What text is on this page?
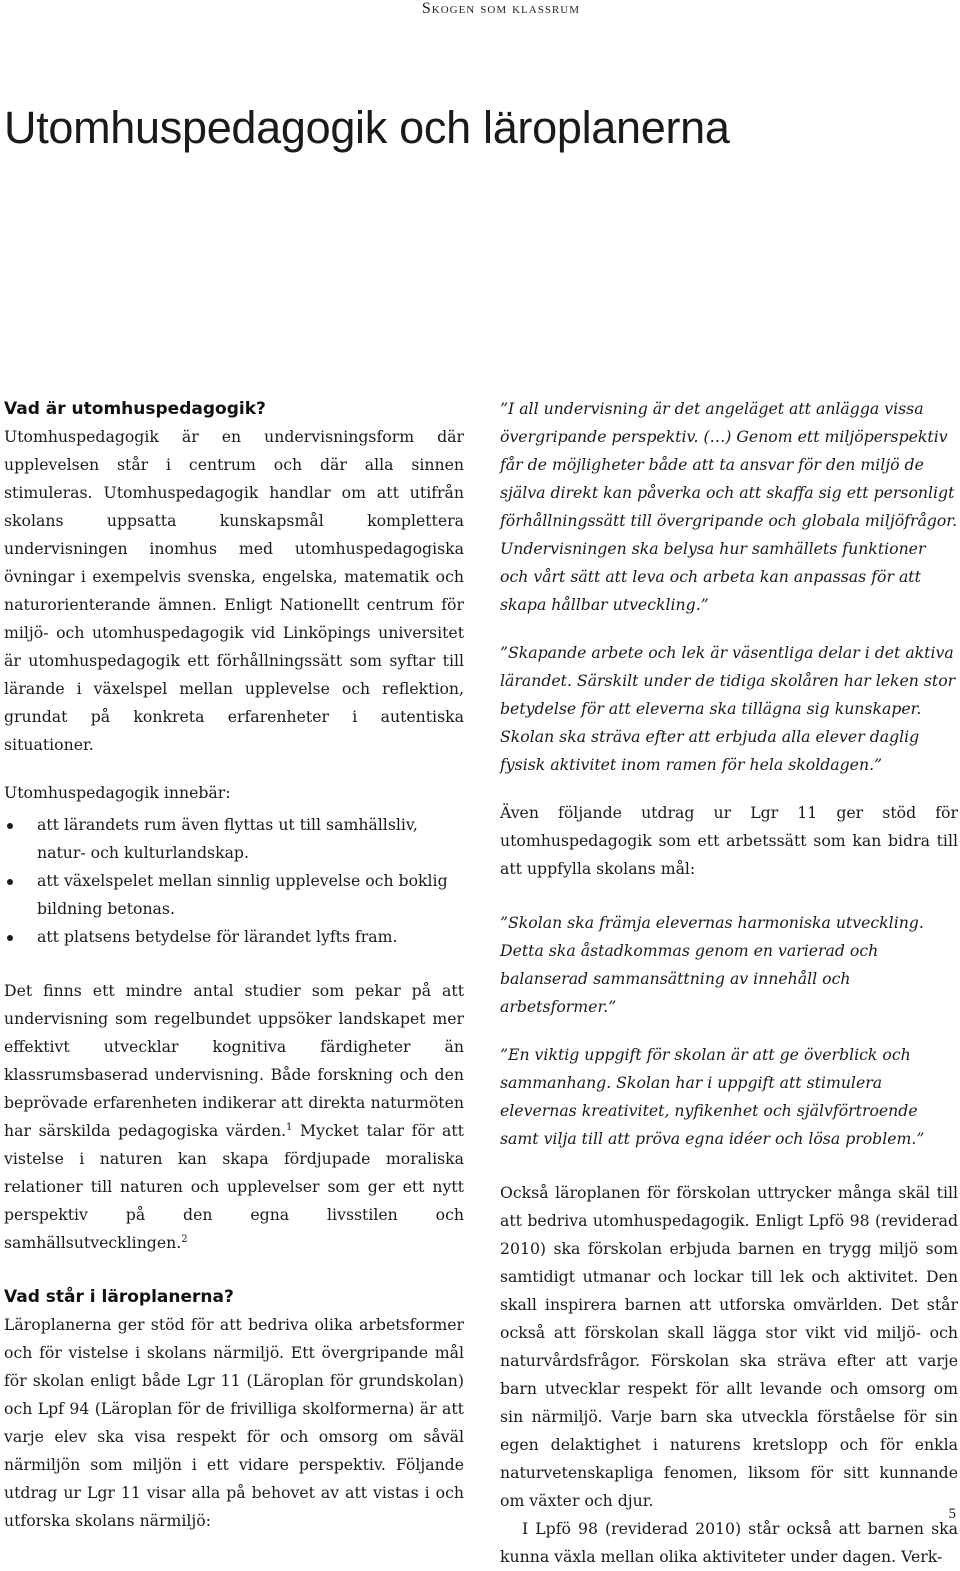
Skogen som klassrum
Utomhuspedagogik och läroplanerna
Vad är utomhuspedagogik?

Utomhuspedagogik är en undervisningsform där upplevelsen står i centrum och där alla sinnen stimuleras. Utomhuspedagogik handlar om att utifrån skolans uppsatta kunskapsmål komplettera undervisningen inomhus med utomhuspedagogiska övningar i exempelvis svenska, engelska, matematik och naturorienterande ämnen. Enligt Nationellt centrum för miljö- och utomhuspedagogik vid Linköpings universitet är utomhuspedagogik ett förhållningssätt som syftar till lärande i växelspel mellan upplevelse och reflektion, grundat på konkreta erfarenheter i autentiska situationer.

Utomhuspedagogik innebär:

att lärandets rum även flyttas ut till samhällsliv, natur- och kulturlandskap.
att växelspelet mellan sinnlig upplevelse och boklig bildning betonas.
att platsens betydelse för lärandet lyfts fram.

Det finns ett mindre antal studier som pekar på att undervisning som regelbundet uppsöker landskapet mer effektivt utvecklar kognitiva färdigheter än klassrumsbaserad undervisning. Både forskning och den beprövade erfarenheten indikerar att direkta naturmöten har särskilda pedagogiska värden.$^1$ Mycket talar för att vistelse i naturen kan skapa fördjupade moraliska relationer till naturen och upplevelser som ger ett nytt perspektiv på den egna livsstilen och samhällsutvecklingen.$^2$

Vad står i läroplanerna?

Läroplanerna ger stöd för att bedriva olika arbetsformer och för vistelse i skolans närmiljö. Ett övergripande mål för skolan enligt både Lgr 11 (Läroplan för grundskolan) och Lpf 94 (Läroplan för de frivilliga skolformerna) är att varje elev ska visa respekt för och omsorg om såväl närmiljön som miljön i ett vidare perspektiv. Följande utdrag ur Lgr 11 visar alla på behovet av att vistas i och utforska skolans närmiljö:

”I all undervisning är det angeläget att anlägga vissa övergripande perspektiv. (…) Genom ett miljöperspektiv får de möjligheter både att ta ansvar för den miljö de själva direkt kan påverka och att skaffa sig ett personligt förhållningssätt till övergripande och globala miljöfrågor. Undervisningen ska belysa hur samhällets funktioner och vårt sätt att leva och arbeta kan anpassas för att skapa hållbar utveckling.”

”Skapande arbete och lek är väsentliga delar i det aktiva lärandet. Särskilt under de tidiga skolåren har leken stor betydelse för att eleverna ska tillägna sig kunskaper. Skolan ska sträva efter att erbjuda alla elever daglig fysisk aktivitet inom ramen för hela skoldagen.”

Även följande utdrag ur Lgr 11 ger stöd för utomhuspedagogik som ett arbetssätt som kan bidra till att uppfylla skolans mål:

”Skolan ska främja elevernas harmoniska utveckling. Detta ska åstadkommas genom en varierad och balanserad sammansättning av innehåll och arbetsformer.”

”En viktig uppgift för skolan är att ge överblick och sammanhang. Skolan har i uppgift att stimulera elevernas kreativitet, nyfikenhet och självförtroende samt vilja till att pröva egna idéer och lösa problem.”

Också läroplanen för förskolan uttrycker många skäl till att bedriva utomhuspedagogik. Enligt Lpfö 98 (reviderad 2010) ska förskolan erbjuda barnen en trygg miljö som samtidigt utmanar och lockar till lek och aktivitet. Den skall inspirera barnen att utforska omvärlden. Det står också att förskolan skall lägga stor vikt vid miljö- och naturvårdsfrågor. Förskolan ska sträva efter att varje barn utvecklar respekt för allt levande och omsorg om sin närmiljö. Varje barn ska utveckla förståelse för sin egen delaktighet i naturens kretslopp och för enkla naturvetenskapliga fenomen, liksom för sitt kunnande om växter och djur.

I Lpfö 98 (reviderad 2010) står också att barnen ska kunna växla mellan olika aktiviteter under dagen. Verk-

5
